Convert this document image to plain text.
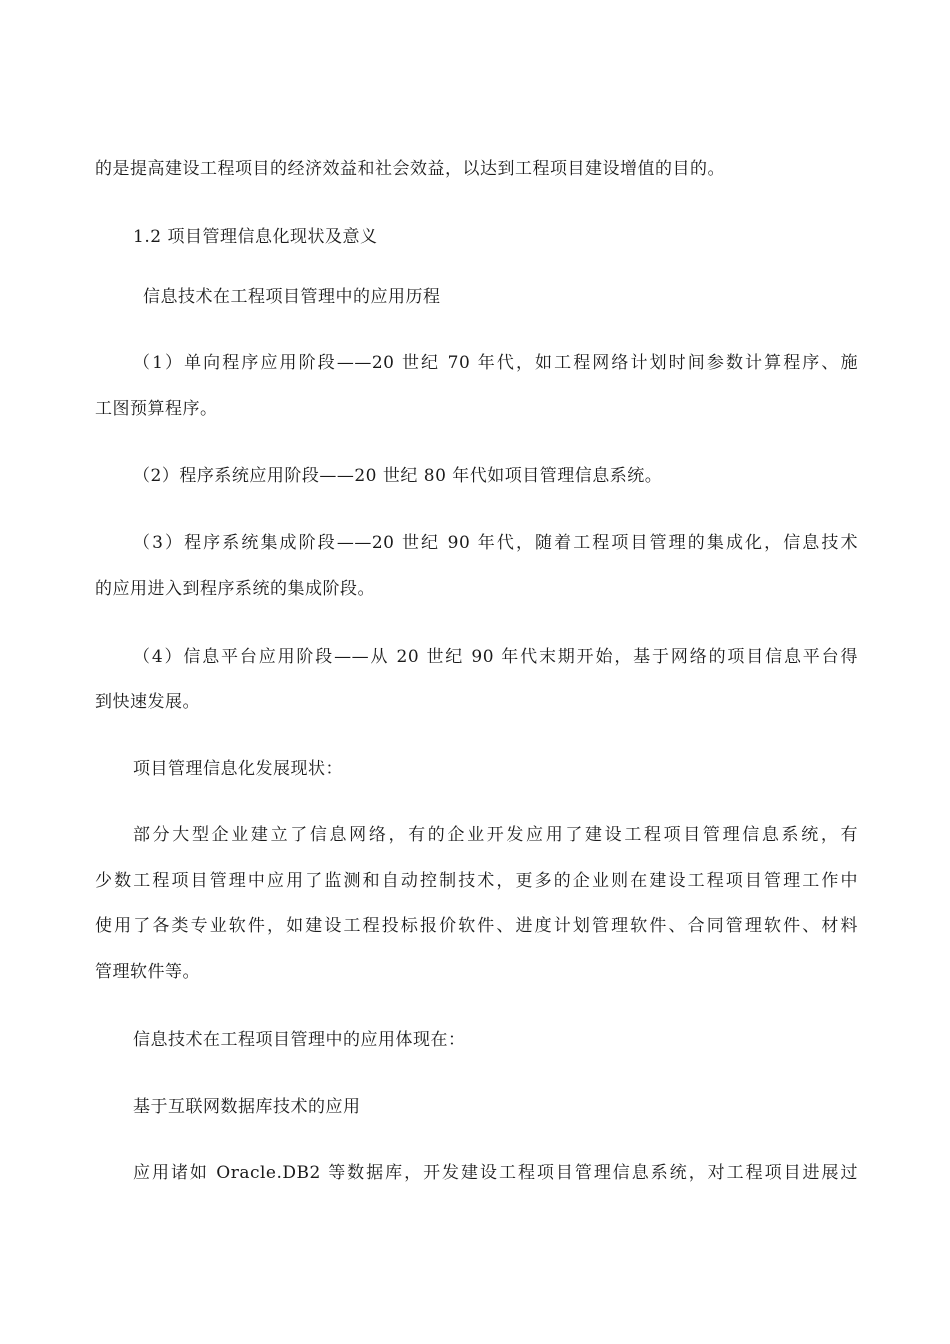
的是提高建设工程项目的经济效益和社会效益，以达到工程项目建设增值的目的。
1.2 项目管理信息化现状及意义
信息技术在工程项目管理中的应用历程
（1）单向程序应用阶段——20 世纪 70 年代，如工程网络计划时间参数计算程序、施
工图预算程序。
（2）程序系统应用阶段——20 世纪 80 年代如项目管理信息系统。
（3）程序系统集成阶段——20 世纪 90 年代，随着工程项目管理的集成化，信息技术
的应用进入到程序系统的集成阶段。
（4）信息平台应用阶段——从 20 世纪 90 年代末期开始，基于网络的项目信息平台得
到快速发展。
项目管理信息化发展现状：
部分大型企业建立了信息网络，有的企业开发应用了建设工程项目管理信息系统，有
少数工程项目管理中应用了监测和自动控制技术，更多的企业则在建设工程项目管理工作中
使用了各类专业软件，如建设工程投标报价软件、进度计划管理软件、合同管理软件、材料
管理软件等。
信息技术在工程项目管理中的应用体现在：
基于互联网数据库技术的应用
应用诸如 Oracle.DB2 等数据库，开发建设工程项目管理信息系统，对工程项目进展过
